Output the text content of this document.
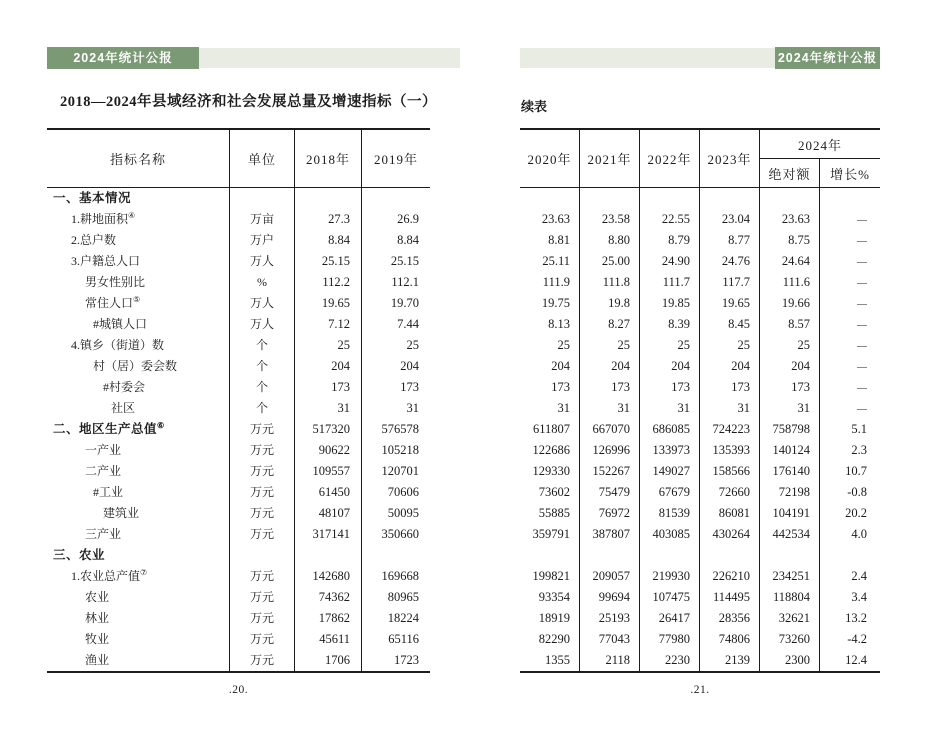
2024年统计公报	2024年统计公报
2018—2024年县域经济和社会发展总量及增速指标（一）	续表
指标名称	单位	2018年	2019年
一、基本情况
1.耕地面积④	万亩	27.3	26.9
2.总户数	万户	8.84	8.84
3.户籍总人口	万人	25.15	25.15
男女性别比	%	112.2	112.1
常住人口⑤	万人	19.65	19.70
#城镇人口	万人	7.12	7.44
4.镇乡（街道）数	个	25	25
村（居）委会数	个	204	204
#村委会	个	173	173
社区	个	31	31
二、地区生产总值⑥	万元	517320	576578
一产业	万元	90622	105218
二产业	万元	109557	120701
#工业	万元	61450	70606
建筑业	万元	48107	50095
三产业	万元	317141	350660
三、农业
1.农业总产值⑦	万元	142680	169668
农业	万元	74362	80965
林业	万元	17862	18224
牧业	万元	45611	65116
渔业	万元	1706	1723
2020年	2021年	2022年	2023年
2024年
绝对额	增长%
23.63	23.58	22.55	23.04	23.63	—
8.81	8.80	8.79	8.77	8.75	—
25.11	25.00	24.90	24.76	24.64	—
111.9	111.8	111.7	117.7	111.6	—
19.75	19.8	19.85	19.65	19.66	—
8.13	8.27	8.39	8.45	8.57	—
25	25	25	25	25	—
204	204	204	204	204	—
173	173	173	173	173	—
31	31	31	31	31	—
611807	667070	686085	724223	758798	5.1
122686	126996	133973	135393	140124	2.3
129330	152267	149027	158566	176140	10.7
73602	75479	67679	72660	72198	-0.8
55885	76972	81539	86081	104191	20.2
359791	387807	403085	430264	442534	4.0
199821	209057	219930	226210	234251	2.4
93354	99694	107475	114495	118804	3.4
18919	25193	26417	28356	32621	13.2
82290	77043	77980	74806	73260	-4.2
1355	2118	2230	2139	2300	12.4
.20.	.21.
